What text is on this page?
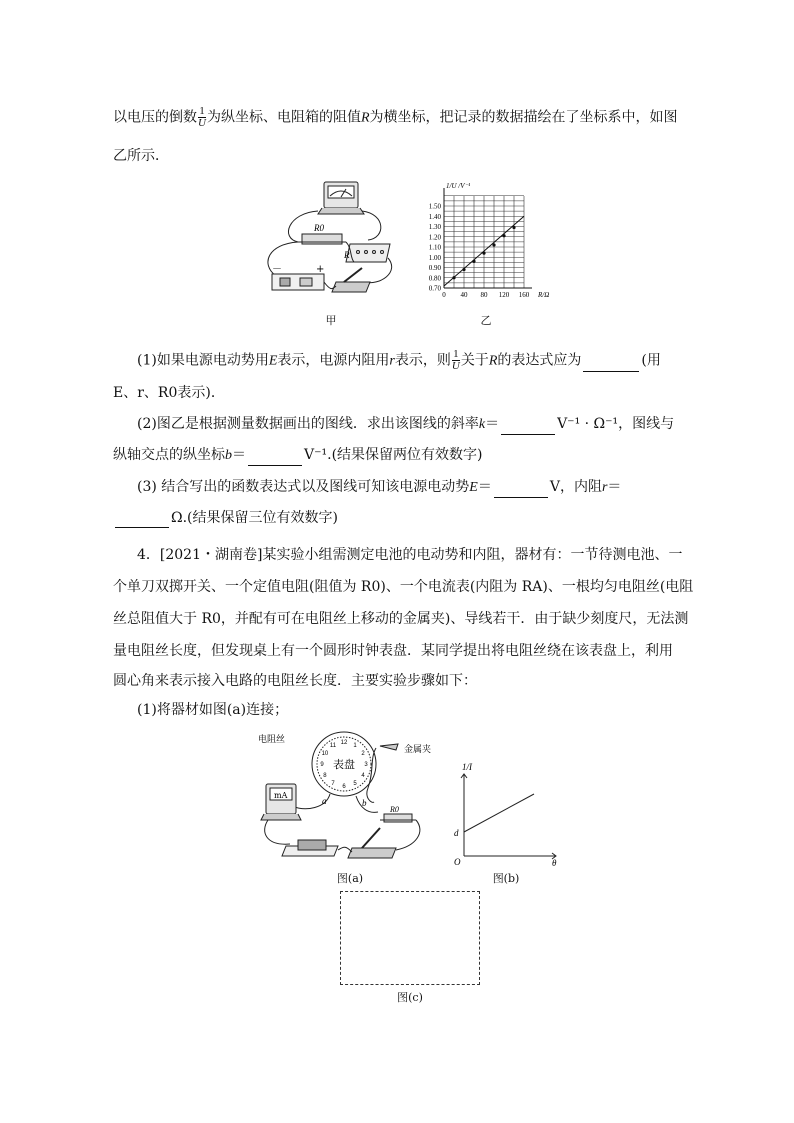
以电压的倒数 $\frac{1}{U}$ 为纵坐标、电阻箱的阻值R为横坐标，把记录的数据描绘在了坐标系中，如图
乙所示．
R0
R
－	+
0.70
0.80
0.90
1.00
1.10
1.20
1.30
1.40
1.50
0 40 80 120 160 R/Ω
1/U /V⁻¹
甲	乙
(1)如果电源电动势用E表示，电源内阻用r表示，则 $\frac{1}{U}$ 关于R的表达式应为	(用
E、r、R0表示)．
(2)图乙是根据测量数据画出的图线．求出该图线的斜率k＝	V⁻¹ · Ω⁻¹，图线与
纵轴交点的纵坐标b＝	V⁻¹.(结果保留两位有效数字)
(3) 结合写出的函数表达式以及图线可知该电源电动势E＝	V，内阻r＝
Ω.(结果保留三位有效数字)
4．[2021・湖南卷]某实验小组需测定电池的电动势和内阻，器材有：一节待测电池、一
个单刀双掷开关、一个定值电阻(阻值为 R0)、一个电流表(内阻为 RA)、一根均匀电阻丝(电阻
丝总阻值大于 R0，并配有可在电阻丝上移动的金属夹)、导线若干．由于缺少刻度尺，无法测
量电阻丝长度，但发现桌上有一个圆形时钟表盘．某同学提出将电阻丝绕在该表盘上，利用
圆心角来表示接入电路的电阻丝长度．主要实验步骤如下：
(1)将器材如图(a)连接；
12 1
2
3
4
5
6
7
8
9
10
11
表盘
电阻丝
金属夹
a	b
R0
mA
1/I
θ
O
d
图(a)	图(b)
图(c)
